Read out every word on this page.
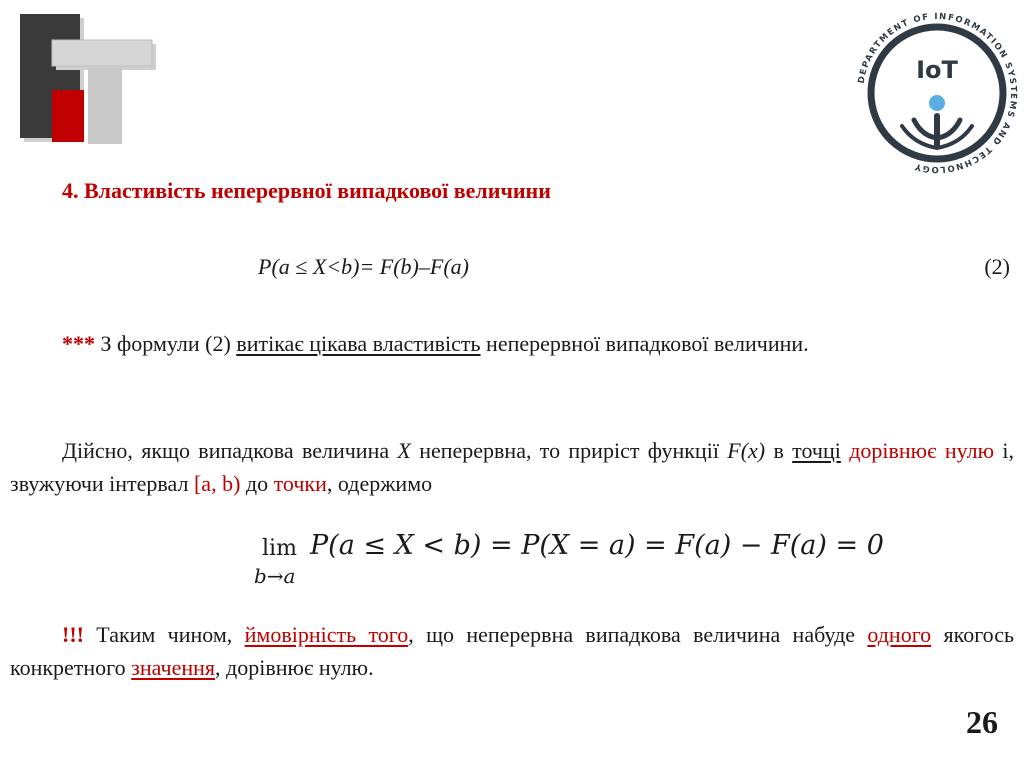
DEPARTMENT OF INFORMATION SYSTEMS AND TECHNOLOGY
IoT
4. Властивість неперервної випадкової величини
P(a ≤ X<b)= F(b)–F(a)	(2)

*** З формули (2) витікає цікава властивість неперервної випадкової величини.

Дійсно, якщо випадкова величина X неперервна, то приріст функції F(x) в точці дорівнює нулю і, звужуючи інтервал [a, b) до точки, одержимо

lim
b→a
P(a ≤ X < b) = P(X = a) = F(a) − F(a) = 0

!!! Таким чином, ймовірність того, що неперервна випадкова величина набуде одного якогось конкретного значення, дорівнює нулю.

26
